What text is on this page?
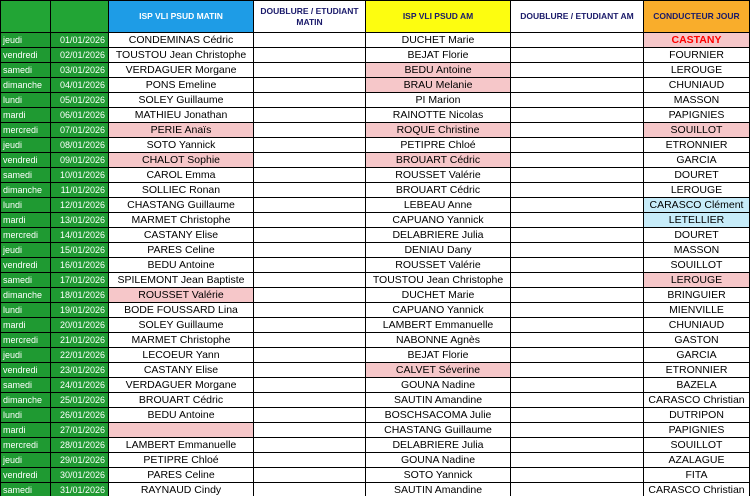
		ISP VLI PSUD MATIN	DOUBLURE / ETUDIANT MATIN	ISP VLI PSUD AM	DOUBLURE / ETUDIANT AM	CONDUCTEUR JOUR
jeudi	01/01/2026	CONDEMINAS Cédric		DUCHET Marie		CASTANY
vendredi	02/01/2026	TOUSTOU Jean Christophe		BEJAT Florie		FOURNIER
samedi	03/01/2026	VERDAGUER Morgane		BEDU Antoine		LEROUGE
dimanche	04/01/2026	PONS Emeline		BRAU Melanie		CHUNIAUD
lundi	05/01/2026	SOLEY Guillaume		PI Marion		MASSON
mardi	06/01/2026	MATHIEU Jonathan		RAINOTTE Nicolas		PAPIGNIES
mercredi	07/01/2026	PERIE Anaïs		ROQUE Christine		SOUILLOT
jeudi	08/01/2026	SOTO Yannick		PETIPRE Chloé		ETRONNIER
vendredi	09/01/2026	CHALOT Sophie		BROUART Cédric		GARCIA
samedi	10/01/2026	CAROL Emma		ROUSSET Valérie		DOURET
dimanche	11/01/2026	SOLLIEC Ronan		BROUART Cédric		LEROUGE
lundi	12/01/2026	CHASTANG Guillaume		LEBEAU Anne		CARASCO Clément
mardi	13/01/2026	MARMET Christophe		CAPUANO Yannick		LETELLIER
mercredi	14/01/2026	CASTANY Elise		DELABRIERE Julia		DOURET
jeudi	15/01/2026	PARES Celine		DENIAU Dany		MASSON
vendredi	16/01/2026	BEDU Antoine		ROUSSET Valérie		SOUILLOT
samedi	17/01/2026	SPILEMONT Jean Baptiste		TOUSTOU Jean Christophe		LEROUGE
dimanche	18/01/2026	ROUSSET Valérie		DUCHET Marie		BRINGUIER
lundi	19/01/2026	BODE FOUSSARD Lina		CAPUANO Yannick		MIENVILLE
mardi	20/01/2026	SOLEY Guillaume		LAMBERT Emmanuelle		CHUNIAUD
mercredi	21/01/2026	MARMET Christophe		NABONNE Agnès		GASTON
jeudi	22/01/2026	LECOEUR Yann		BEJAT Florie		GARCIA
vendredi	23/01/2026	CASTANY Elise		CALVET Séverine		ETRONNIER
samedi	24/01/2026	VERDAGUER Morgane		GOUNA Nadine		BAZELA
dimanche	25/01/2026	BROUART Cédric		SAUTIN Amandine		CARASCO Christian
lundi	26/01/2026	BEDU Antoine		BOSCHSACOMA Julie		DUTRIPON
mardi	27/01/2026			CHASTANG Guillaume		PAPIGNIES
mercredi	28/01/2026	LAMBERT Emmanuelle		DELABRIERE Julia		SOUILLOT
jeudi	29/01/2026	PETIPRE Chloé		GOUNA Nadine		AZALAGUE
vendredi	30/01/2026	PARES Celine		SOTO Yannick		FITA
samedi	31/01/2026	RAYNAUD Cindy		SAUTIN Amandine		CARASCO Christian
